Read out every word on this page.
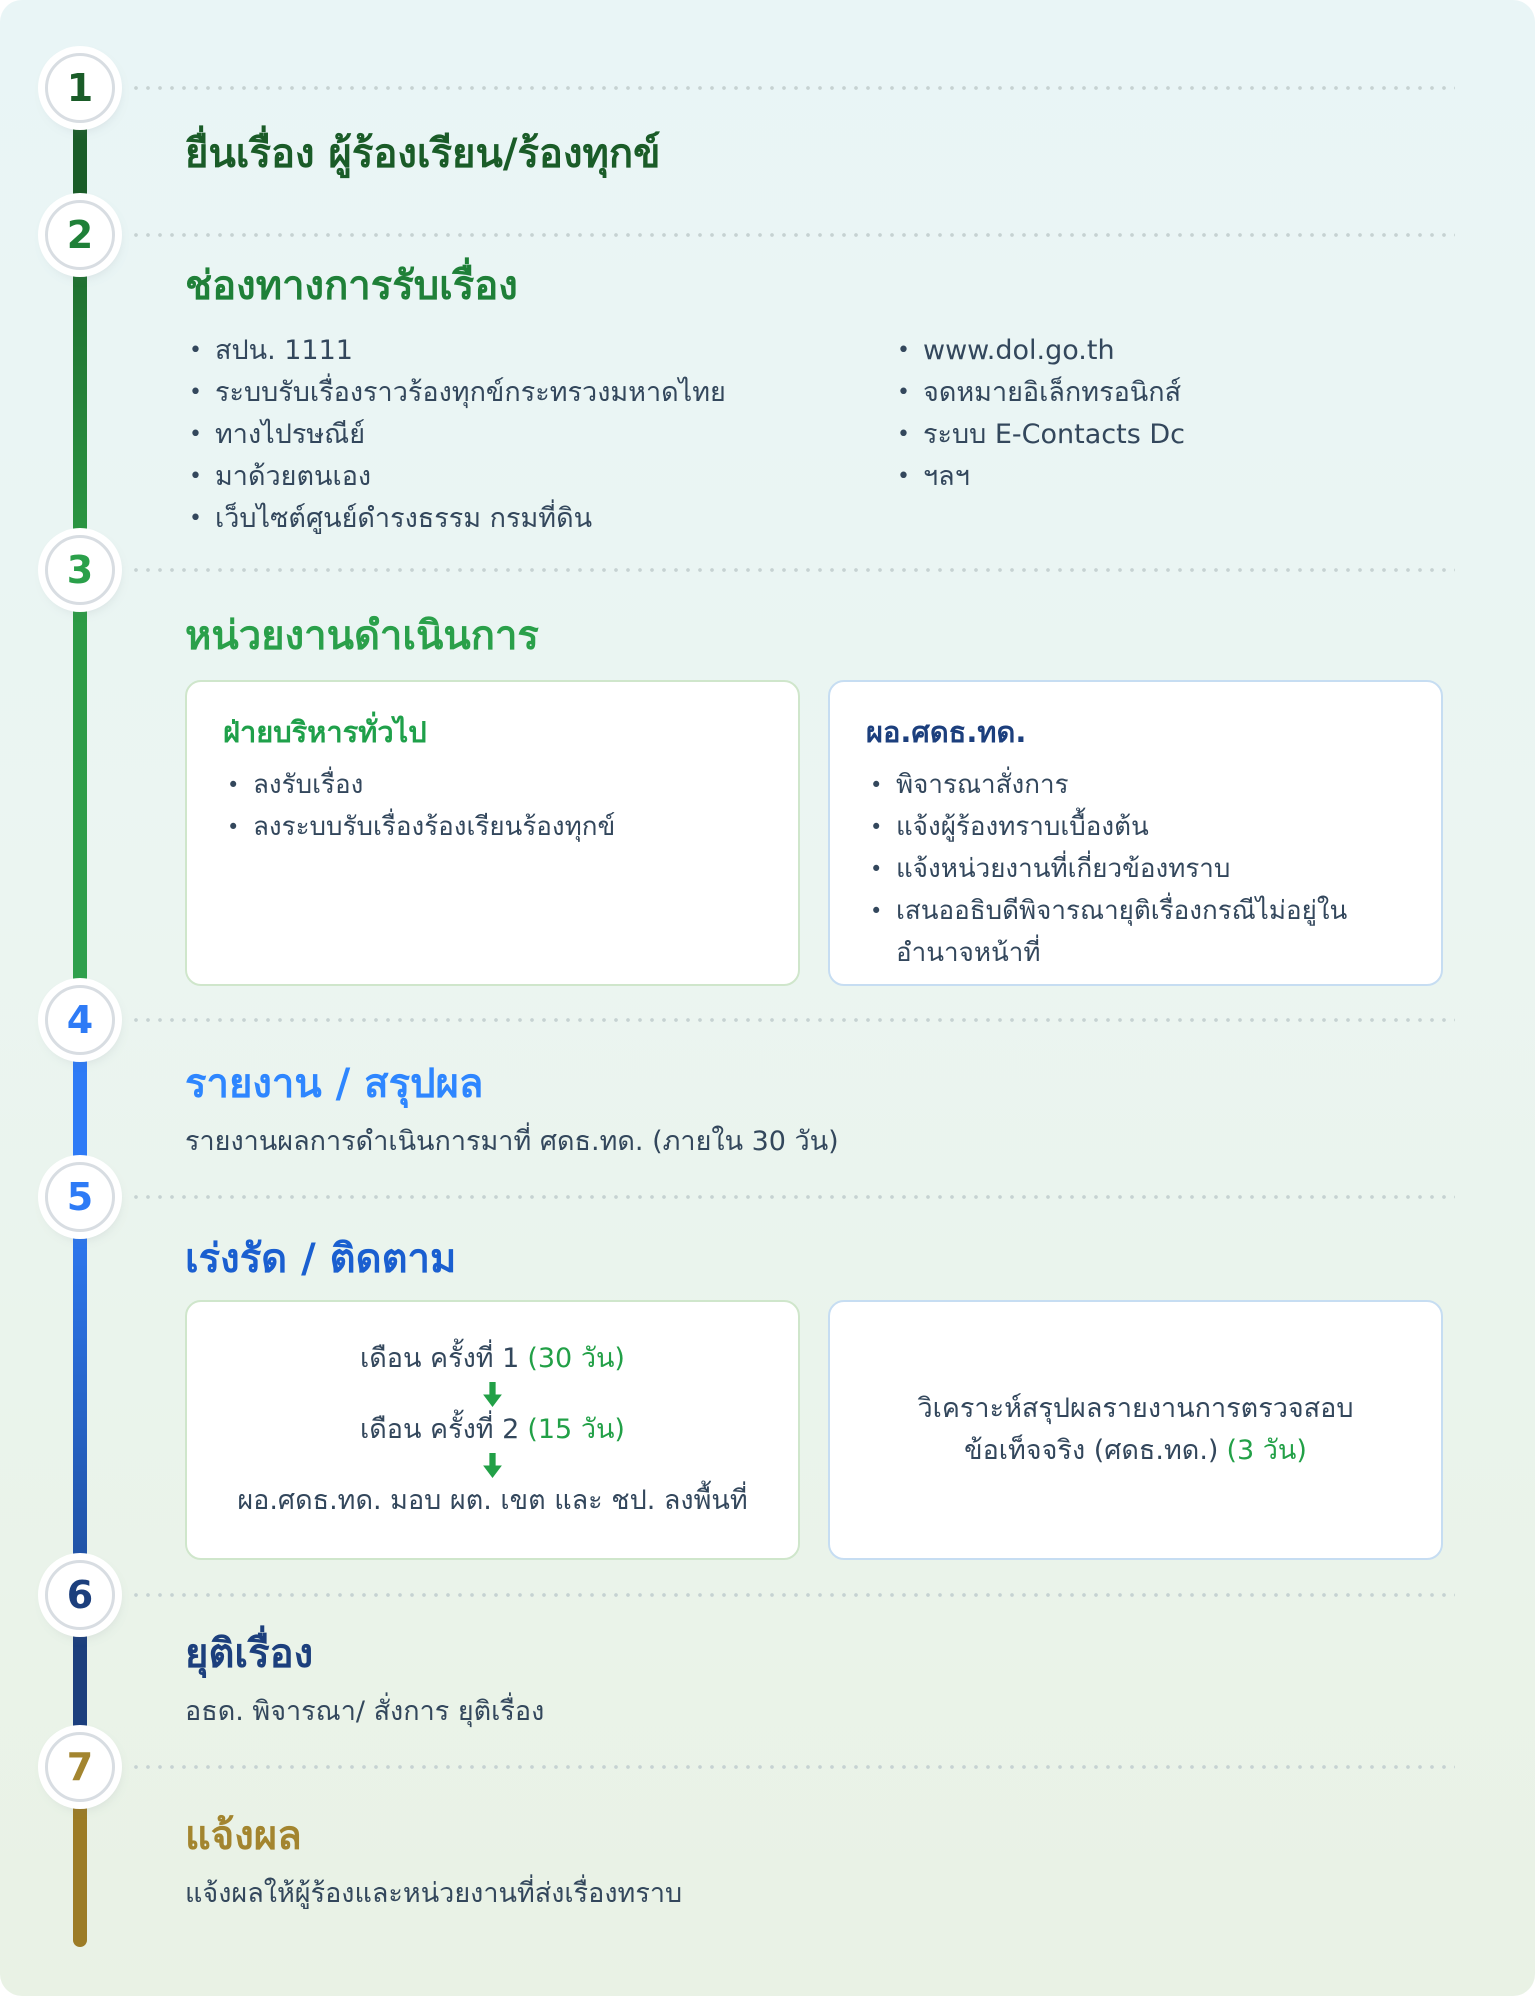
1
2
3
4
5
6
7
ยื่นเรื่อง ผู้ร้องเรียน/ร้องทุกข์
ช่องทางการรับเรื่อง
• สปน. 1111
• ระบบรับเรื่องราวร้องทุกข์กระทรวงมหาดไทย
• ทางไปรษณีย์
• มาด้วยตนเอง
• เว็บไซต์ศูนย์ดำรงธรรม กรมที่ดิน
• www.dol.go.th
• จดหมายอิเล็กทรอนิกส์
• ระบบ E-Contacts Dc
• ฯลฯ
หน่วยงานดำเนินการ
ฝ่ายบริหารทั่วไป
• ลงรับเรื่อง
• ลงระบบรับเรื่องร้องเรียนร้องทุกข์
ผอ.ศดธ.ทด.
• พิจารณาสั่งการ
• แจ้งผู้ร้องทราบเบื้องต้น
• แจ้งหน่วยงานที่เกี่ยวข้องทราบ
• เสนออธิบดีพิจารณายุติเรื่องกรณีไม่อยู่ในอำนาจหน้าที่
รายงาน / สรุปผล
รายงานผลการดำเนินการมาที่ ศดธ.ทด. (ภายใน 30 วัน)
เร่งรัด / ติดตาม
เดือน ครั้งที่ 1 (30 วัน)
เดือน ครั้งที่ 2 (15 วัน)
ผอ.ศดธ.ทด. มอบ ผต. เขต และ ชป. ลงพื้นที่
วิเคราะห์สรุปผลรายงานการตรวจสอบ
ข้อเท็จจริง (ศดธ.ทด.) (3 วัน)
ยุติเรื่อง
อธด. พิจารณา/ สั่งการ ยุติเรื่อง
แจ้งผล
แจ้งผลให้ผู้ร้องและหน่วยงานที่ส่งเรื่องทราบ
